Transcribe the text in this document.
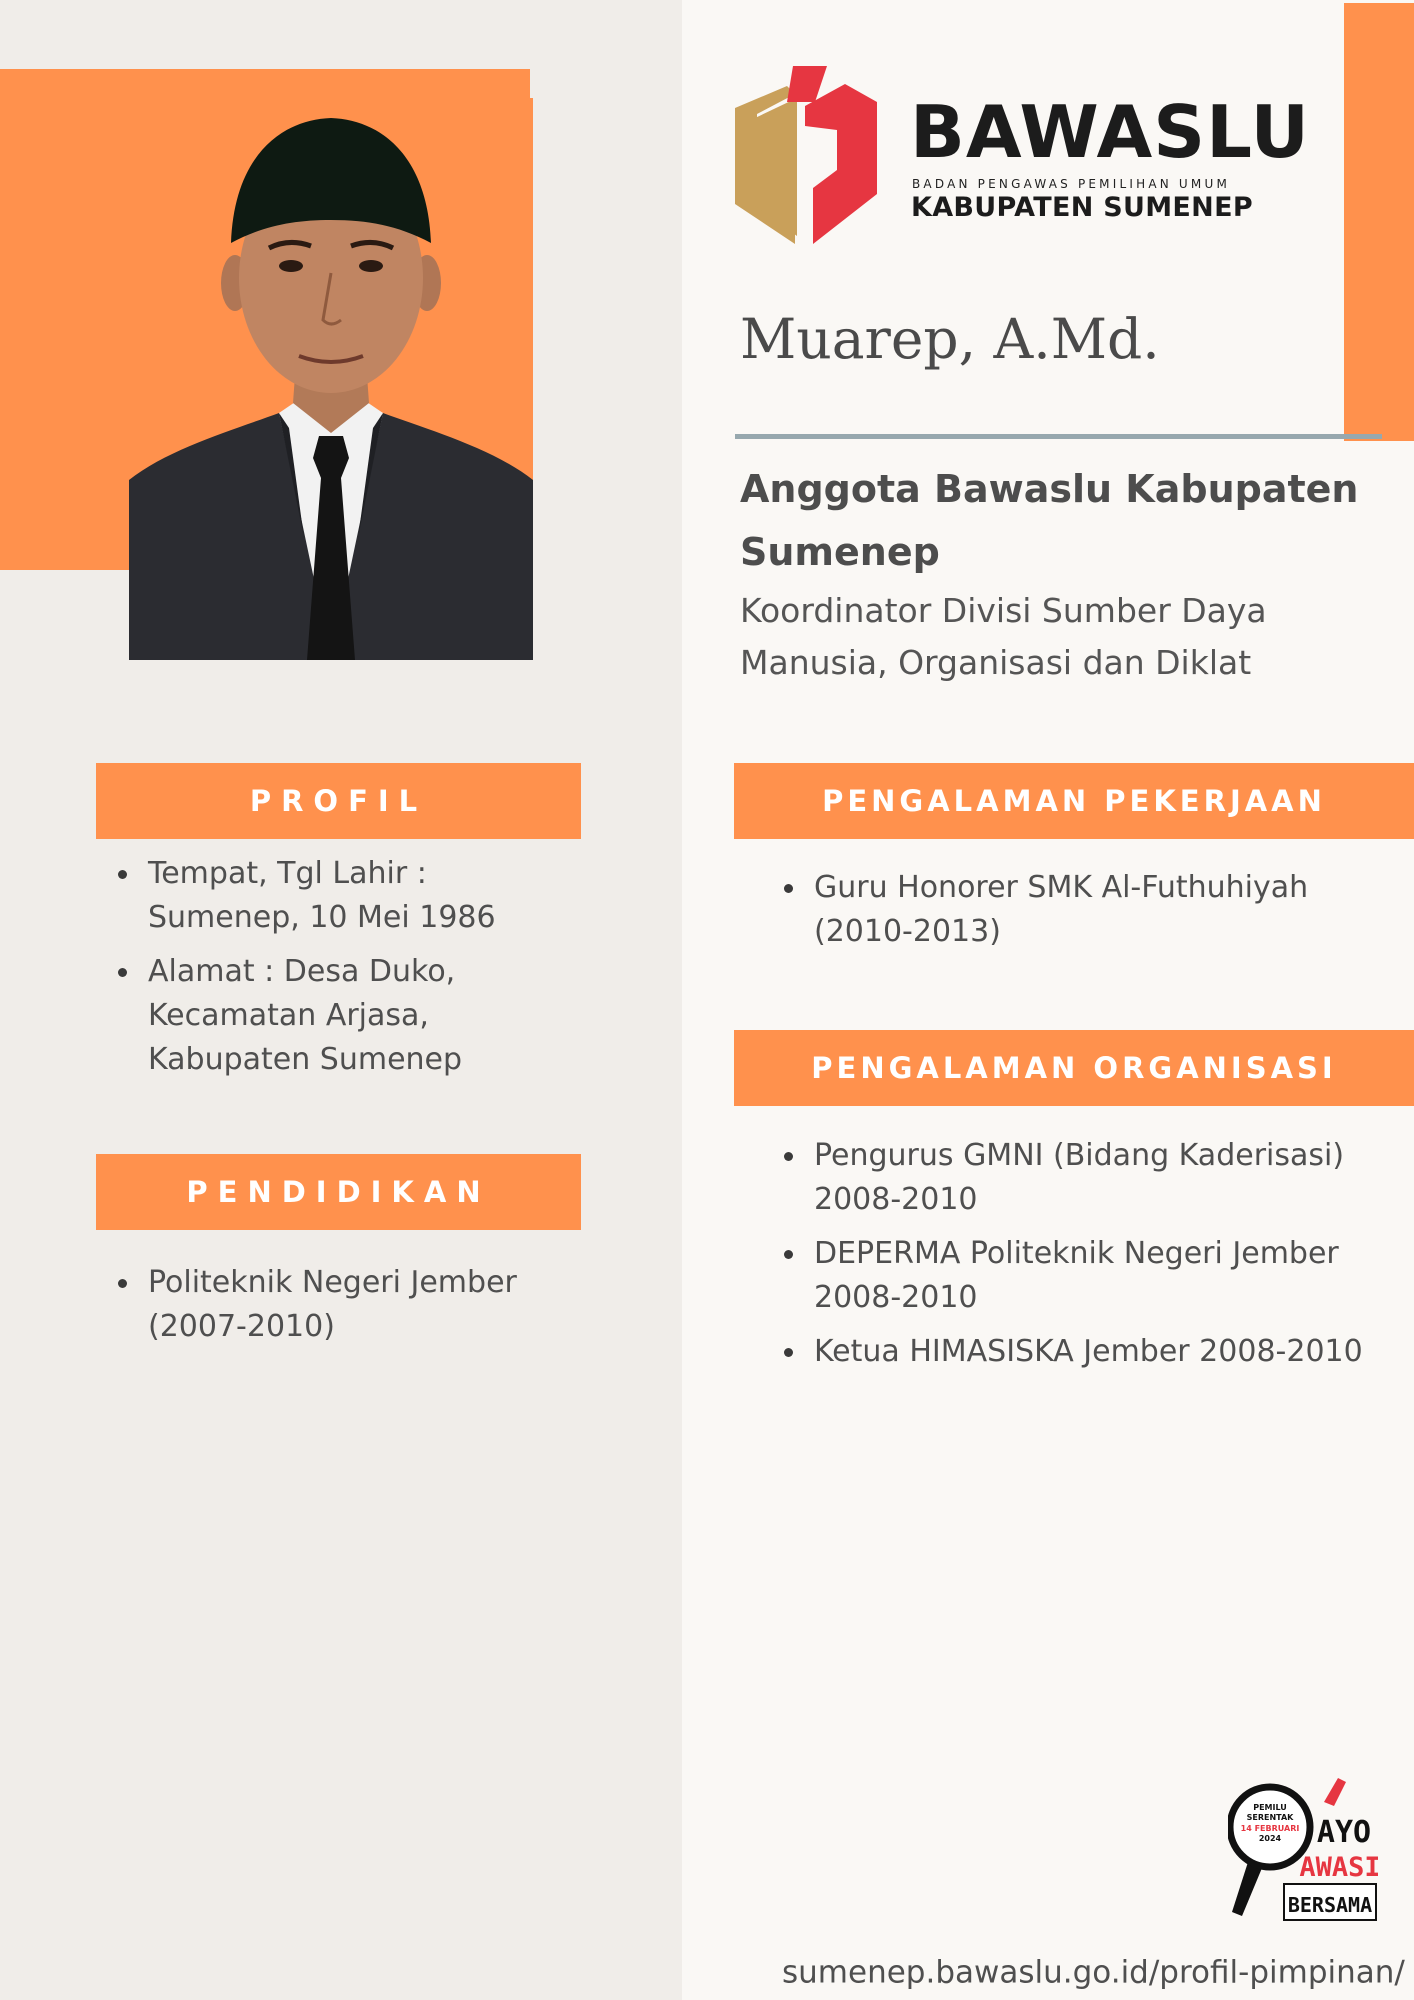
BAWASLU
BADAN PENGAWAS PEMILIHAN UMUM
KABUPATEN SUMENEP
Muarep, A.Md.
Anggota Bawaslu Kabupaten Sumenep
Koordinator Divisi Sumber Daya Manusia, Organisasi dan Diklat
PROFIL
Tempat, Tgl Lahir : Sumenep, 10 Mei 1986
Alamat : Desa Duko, Kecamatan Arjasa, Kabupaten Sumenep
PENDIDIKAN
Politeknik Negeri Jember (2007-2010)
PENGALAMAN PEKERJAAN
Guru Honorer SMK Al-Futhuhiyah (2010-2013)
PENGALAMAN ORGANISASI
Pengurus GMNI (Bidang Kaderisasi) 2008-2010
DEPERMA Politeknik Negeri Jember 2008-2010
Ketua HIMASISKA Jember 2008-2010
PEMILU
SERENTAK
14 FEBRUARI
2024 AYO
AWASI
BERSAMA
sumenep.bawaslu.go.id/profil-pimpinan/
